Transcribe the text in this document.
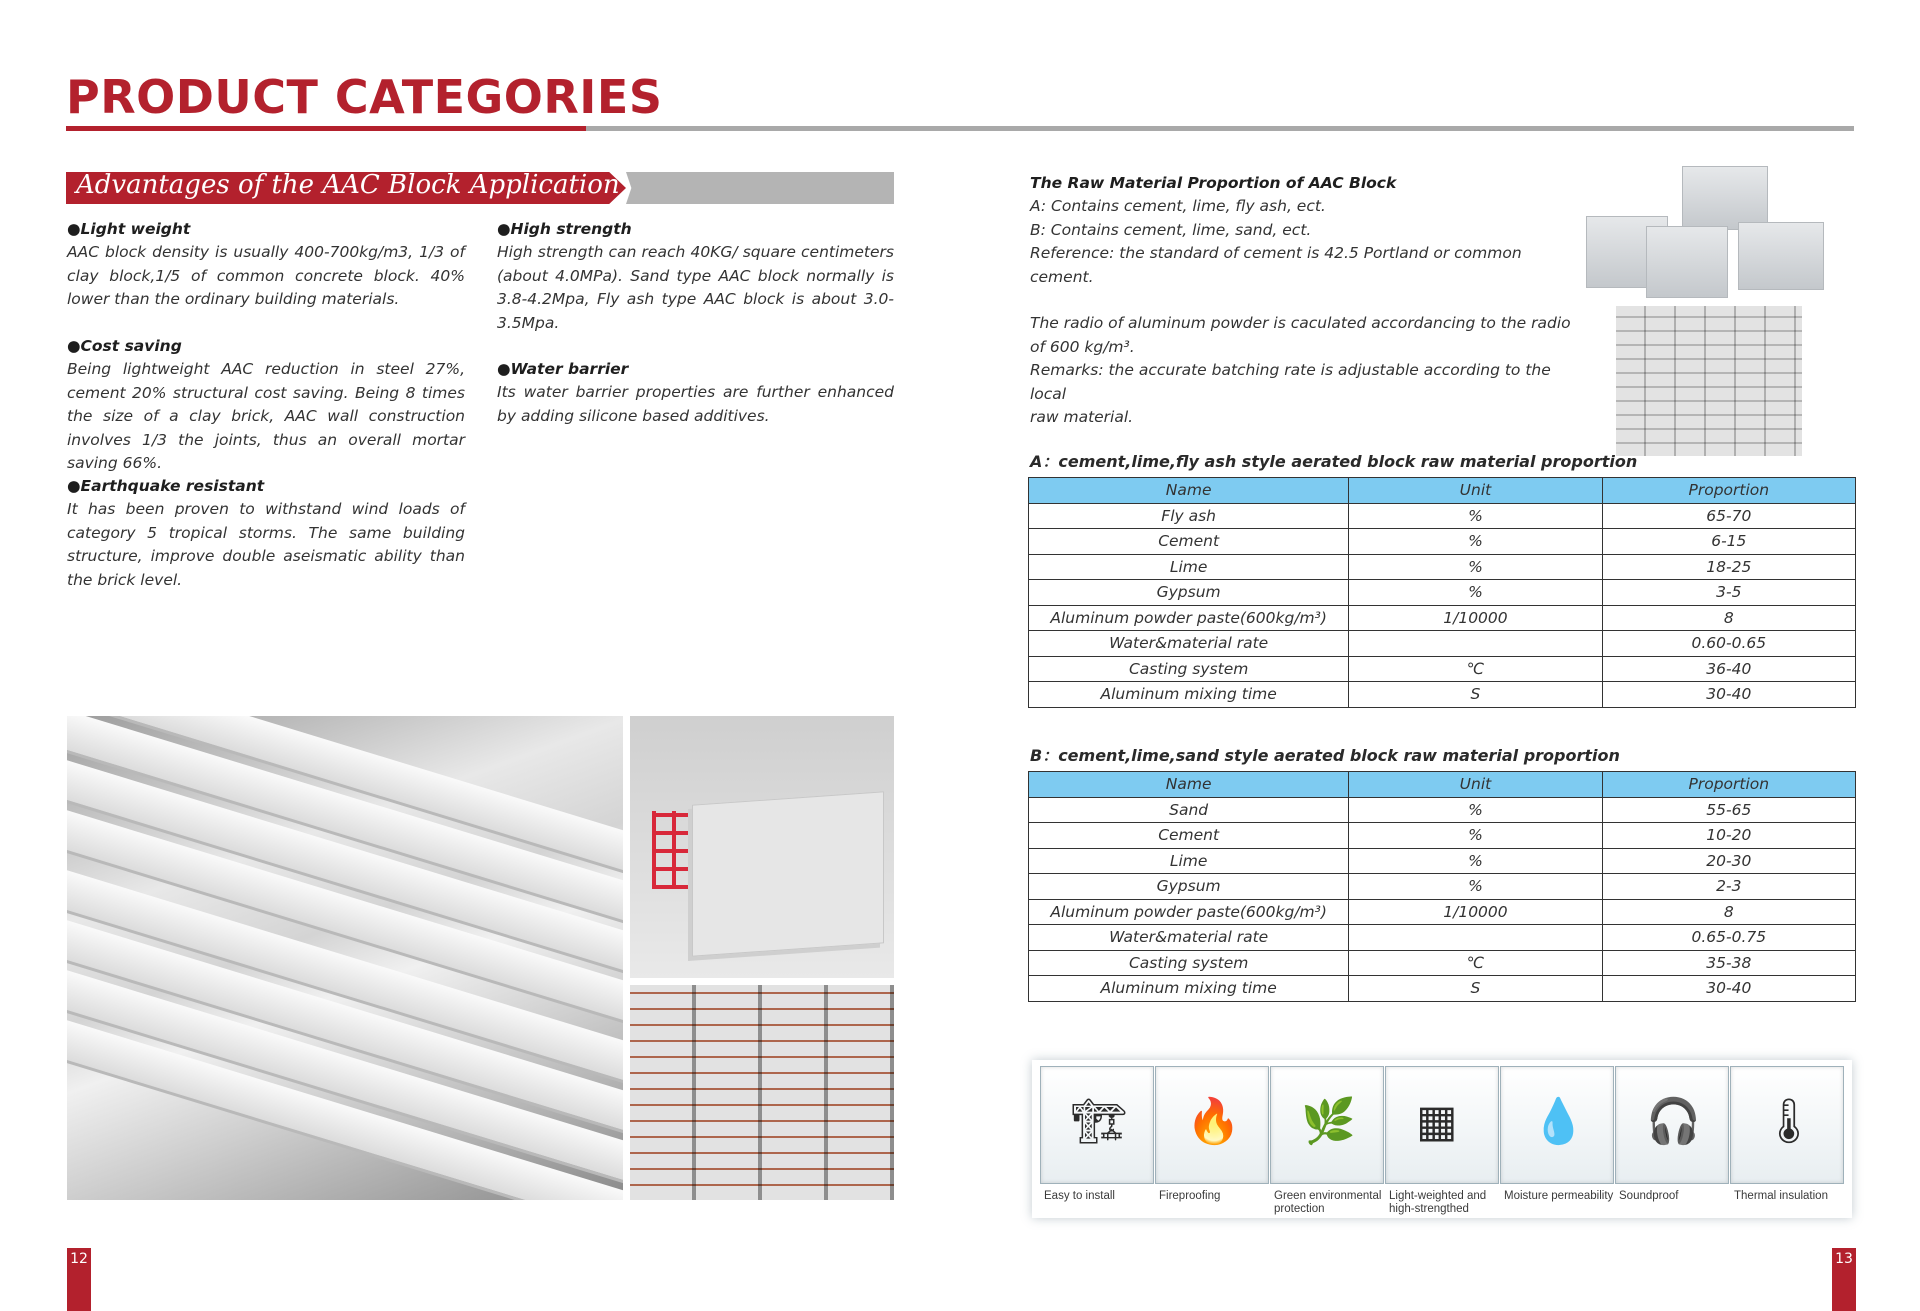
PRODUCT CATEGORIES
Advantages of the AAC Block Application
●Light weight
AAC block density is usually 400-700kg/m3, 1/3 of clay block,1/5 of common concrete block. 40% lower than the ordinary building materials.
●Cost saving
Being lightweight AAC reduction in steel 27%, cement 20% structural cost saving. Being 8 times the size of a clay brick, AAC wall construction involves 1/3 the joints, thus an overall mortar saving 66%.
●Earthquake resistant
It has been proven to withstand wind loads of category 5 tropical storms. The same building structure, improve double aseismatic ability than the brick level.
●High strength
High strength can reach 40KG/ square centimeters (about 4.0MPa). Sand type AAC block normally is 3.8-4.2Mpa, Fly ash type AAC block is about 3.0-3.5Mpa.
●Water barrier
Its water barrier properties are further enhanced by adding silicone based additives.
The Raw Material Proportion of AAC Block
A: Contains cement, lime, fly ash, ect.
B: Contains cement, lime, sand, ect.
Reference: the standard of cement is 42.5 Portland or common cement.

The radio of aluminum powder is caculated accordancing to the radio
of 600 kg/m³.
Remarks: the accurate batching rate is adjustable according to the local
raw material.
A：cement,lime,fly ash style aerated block raw material proportion
Name	Unit	Proportion
Fly ash	%	65-70
Cement	%	6-15
Lime	%	18-25
Gypsum	%	3-5
Aluminum powder paste(600kg/m³)	1/10000	8
Water&material rate		0.60-0.65
Casting system	℃	36-40
Aluminum mixing time	S	30-40
B：cement,lime,sand style aerated block raw material proportion
Name	Unit	Proportion
Sand	%	55-65
Cement	%	10-20
Lime	%	20-30
Gypsum	%	2-3
Aluminum powder paste(600kg/m³)	1/10000	8
Water&material rate		0.65-0.75
Casting system	℃	35-38
Aluminum mixing time	S	30-40
🏗
Easy to install
🔥
Fireproofing
🌿
Green environmental protection
▦
Light-weighted and high-strengthed
💧
Moisture permeability
🎧
Soundproof
🌡
Thermal insulation
12	13
